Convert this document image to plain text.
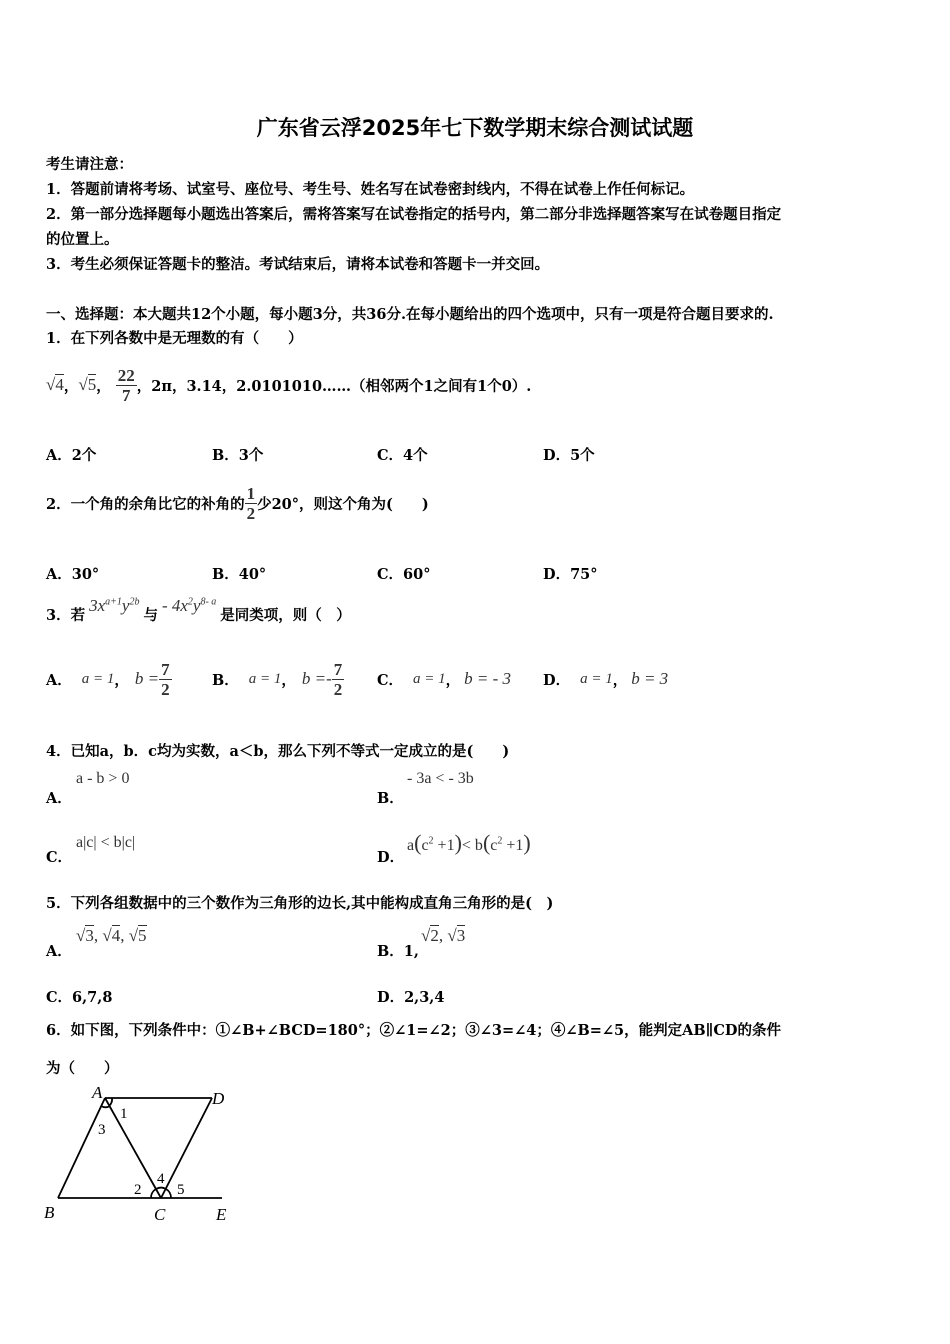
广东省云浮2025年七下数学期末综合测试试题
考生请注意：
1．答题前请将考场、试室号、座位号、考生号、姓名写在试卷密封线内，不得在试卷上作任何标记。
2．第一部分选择题每小题选出答案后，需将答案写在试卷指定的括号内，第二部分非选择题答案写在试卷题目指定
的位置上。
3．考生必须保证答题卡的整洁。考试结束后，请将本试卷和答题卡一并交回。
一、选择题：本大题共12个小题，每小题3分，共36分.在每小题给出的四个选项中，只有一项是符合题目要求的.
1．在下列各数中是无理数的有（　　）
√4 ， √5 ， $\frac{22}{7}$ ，2π，3.14，2.0101010……（相邻两个1之间有1个0）.
A．2个	B．3个	C．4个	D．5个
2．一个角的余角比它的补角的 $\frac{1}{2}$ 少20°，则这个角为(　　)
A．30°	B．40°	C．60°	D．75°
3．若 $3x^{a+1}y^{2b}$
与 - $4x^2y^{8- a}$
是同类项，则（　）
A． a = 1 ， $b = \frac{7}{2}$	B． a = 1 ， $b =- \frac{7}{2}$ C． a = 1 ， b = - 3 D． a = 1 ， b = 3
4．已知a，b．c均为实数，a＜b，那么下列不等式一定成立的是(　　)
A．
a - b > 0
B．
- 3a < - 3b
C．
a|c| < b|c|
D．
$a(c^2 +1)< b(c^2 +1)$
5．下列各组数据中的三个数作为三角形的边长,其中能构成直角三角形的是(　)
A．
√3, √4, √5
B．1,
√2, √3
C．6,7,8	D．2,3,4
6．如下图，下列条件中：①∠B+∠BCD=180°；②∠1=∠2；③∠3=∠4；④∠B=∠5，能判定AB∥CD的条件
为（　　）
A	D
B	C	E
1
3
2
4
5
